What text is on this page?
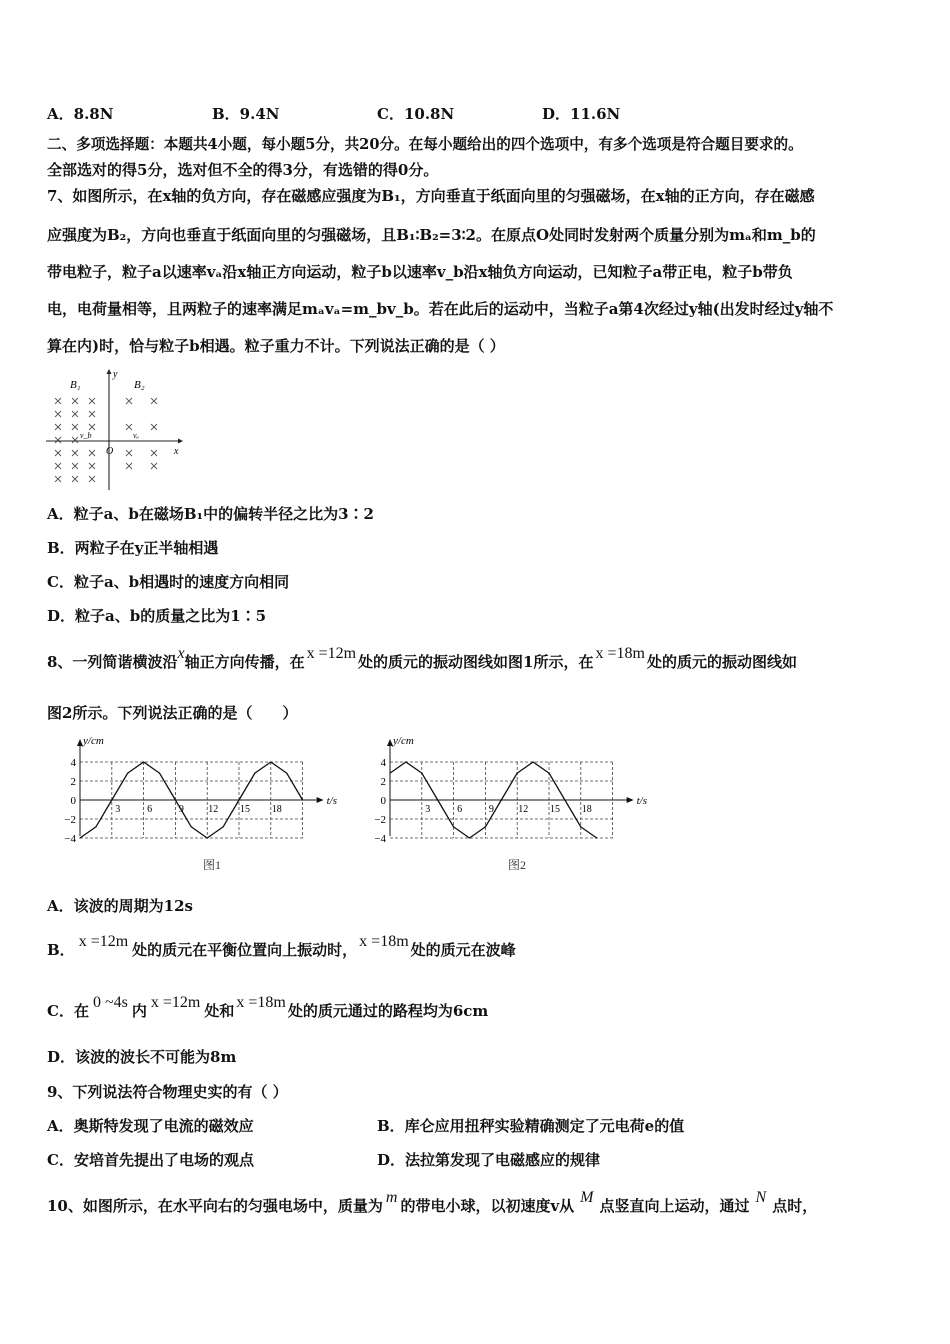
A．8.8N	B．9.4N	C．10.8N	D．11.6N
二、多项选择题：本题共4小题，每小题5分，共20分。在每小题给出的四个选项中，有多个选项是符合题目要求的。
全部选对的得5分，选对但不全的得3分，有选错的得0分。
7、如图所示，在x轴的负方向，存在磁感应强度为B₁，方向垂直于纸面向里的匀强磁场，在x轴的正方向，存在磁感
应强度为B₂，方向也垂直于纸面向里的匀强磁场，且B₁∶B₂=3∶2。在原点O处同时发射两个质量分别为mₐ和m_b的
带电粒子，粒子a以速率vₐ沿x轴正方向运动，粒子b以速率v_b沿x轴负方向运动，已知粒子a带正电，粒子b带负
电，电荷量相等，且两粒子的速率满足mₐvₐ=m_bv_b。若在此后的运动中，当粒子a第4次经过y轴(出发时经过y轴不
算在内)时，恰与粒子b相遇。粒子重力不计。下列说法正确的是（ ）
B₁	B₂
y
x
O
v_b	vₐ
A．粒子a、b在磁场B₁中的偏转半径之比为3∶2
B．两粒子在y正半轴相遇
C．粒子a、b相遇时的速度方向相同
D．粒子a、b的质量之比为1∶5
8、一列简谐横波沿x轴正方向传播，在 x =12m 处的质元的振动图线如图1所示，在 x =18m 处的质元的振动图线如
图2所示。下列说法正确的是（　　）
y/cm
t/s
4
2
0
−2
−4
3	6	9 12 15 18
图1
y/cm
t/s
4
2
0
−2
−4
3	6	9 12 15 18
图2
A．该波的周期为12s
B． x =12m 处的质元在平衡位置向上振动时， x =18m 处的质元在波峰
C．在 0 ~4s 内 x =12m 处和 x =18m 处的质元通过的路程均为6cm
D．该波的波长不可能为8m
9、下列说法符合物理史实的有（ ）
A．奥斯特发现了电流的磁效应	B．库仑应用扭秤实验精确测定了元电荷e的值
C．安培首先提出了电场的观点	D．法拉第发现了电磁感应的规律
10、如图所示，在水平向右的匀强电场中，质量为 m 的带电小球，以初速度v从 M 点竖直向上运动，通过 N 点时，
